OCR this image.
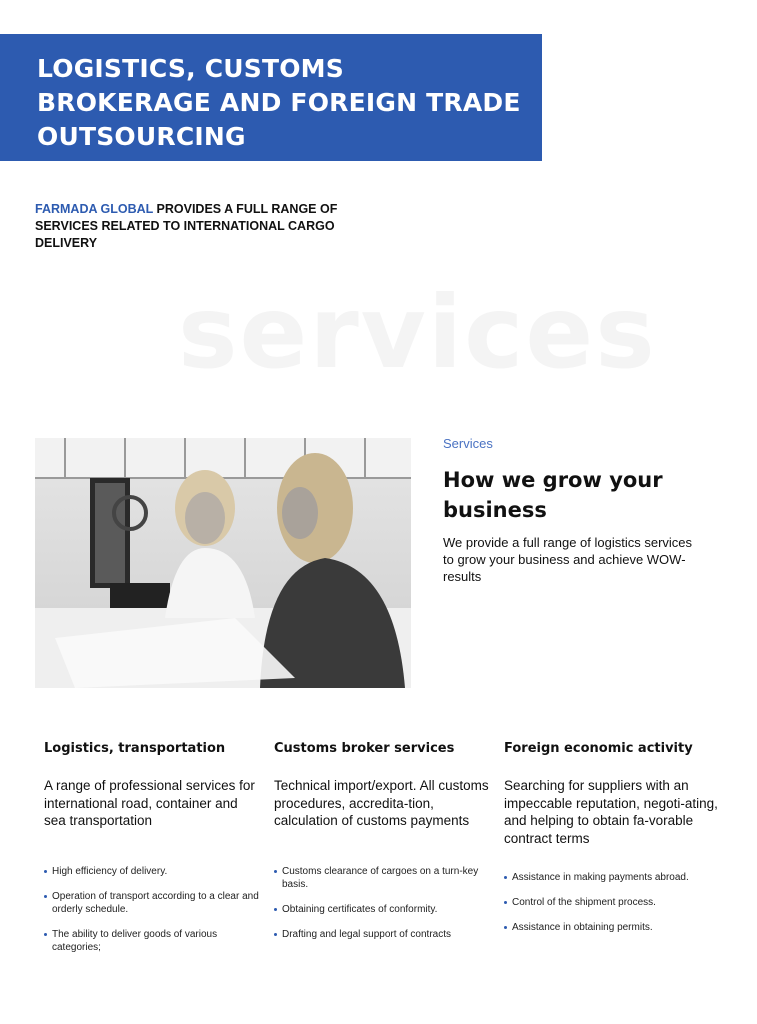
LOGISTICS, CUSTOMS
BROKERAGE AND FOREIGN TRADE
OUTSOURCING

FARMADA GLOBAL PROVIDES A FULL RANGE OF SERVICES RELATED TO INTERNATIONAL CARGO DELIVERY

services
Services
How we grow your business

We provide a full range of logistics services to grow your business and achieve WOW-results

Logistics, transportation

A range of professional services for international road, container and sea transportation

High efficiency of delivery.
Operation of transport according to a clear and orderly schedule.
The ability to deliver goods of various categories;
Customs broker services

Technical import/export. All customs procedures, accredita-tion, calculation of customs payments

Customs clearance of cargoes on a turn-key basis.
Obtaining certificates of conformity.
Drafting and legal support of contracts
Foreign economic activity

Searching for suppliers with an impeccable reputation, negoti-ating, and helping to obtain fa-vorable contract terms

Assistance in making payments abroad.
Control of the shipment process.
Assistance in obtaining permits.
